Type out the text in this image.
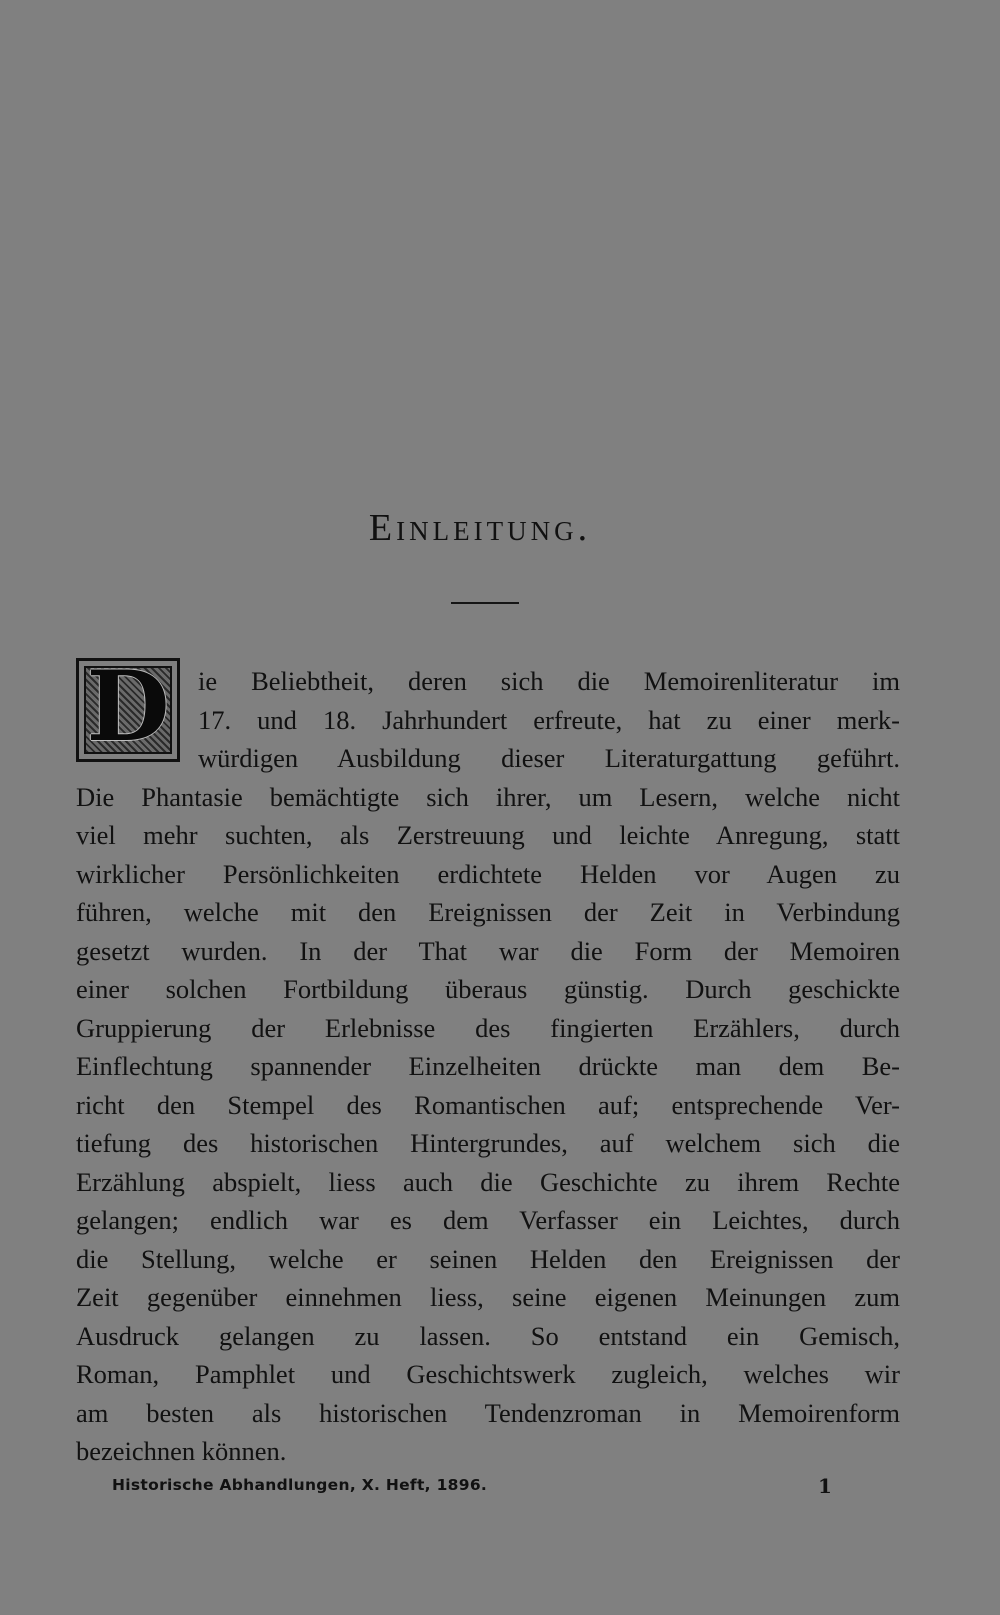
Einleitung.
D	ie Beliebtheit, deren sich die Memoirenliteratur im
17. und 18. Jahrhundert erfreute, hat zu einer merk-
würdigen Ausbildung dieser Literaturgattung geführt.
Die Phantasie bemächtigte sich ihrer, um Lesern, welche nicht
viel mehr suchten, als Zerstreuung und leichte Anregung, statt
wirklicher Persönlichkeiten erdichtete Helden vor Augen zu
führen, welche mit den Ereignissen der Zeit in Verbindung
gesetzt wurden. In der That war die Form der Memoiren
einer solchen Fortbildung überaus günstig. Durch geschickte
Gruppierung der Erlebnisse des fingierten Erzählers, durch
Einflechtung spannender Einzelheiten drückte man dem Be-
richt den Stempel des Romantischen auf; entsprechende Ver-
tiefung des historischen Hintergrundes, auf welchem sich die
Erzählung abspielt, liess auch die Geschichte zu ihrem Rechte
gelangen; endlich war es dem Verfasser ein Leichtes, durch
die Stellung, welche er seinen Helden den Ereignissen der
Zeit gegenüber einnehmen liess, seine eigenen Meinungen zum
Ausdruck gelangen zu lassen. So entstand ein Gemisch,
Roman, Pamphlet und Geschichtswerk zugleich, welches wir
am besten als historischen Tendenzroman in Memoirenform
bezeichnen können.
Historische Abhandlungen, X. Heft, 1896.	1
